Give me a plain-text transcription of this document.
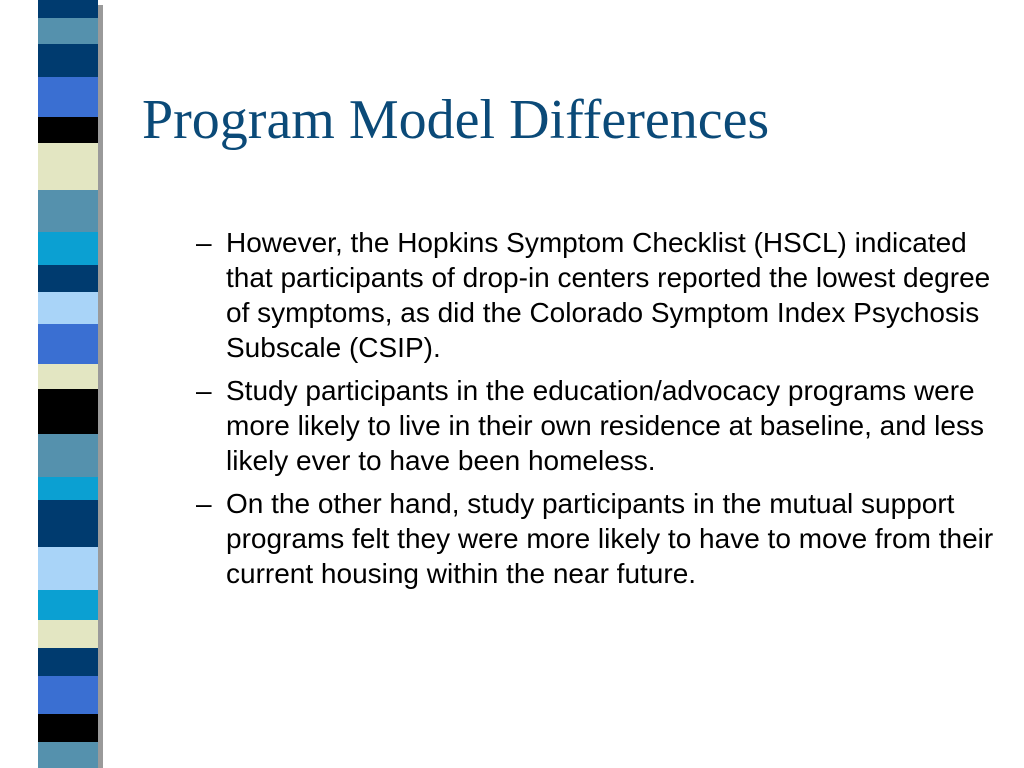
Program Model Differences
– However, the Hopkins Symptom Checklist (HSCL) indicated that participants of drop-in centers reported the lowest degree of symptoms, as did the Colorado Symptom Index Psychosis Subscale (CSIP).
– Study participants in the education/advocacy programs were more likely to live in their own residence at baseline, and less likely ever to have been homeless.
– On the other hand, study participants in the mutual support programs felt they were more likely to have to move from their current housing within the near future.
